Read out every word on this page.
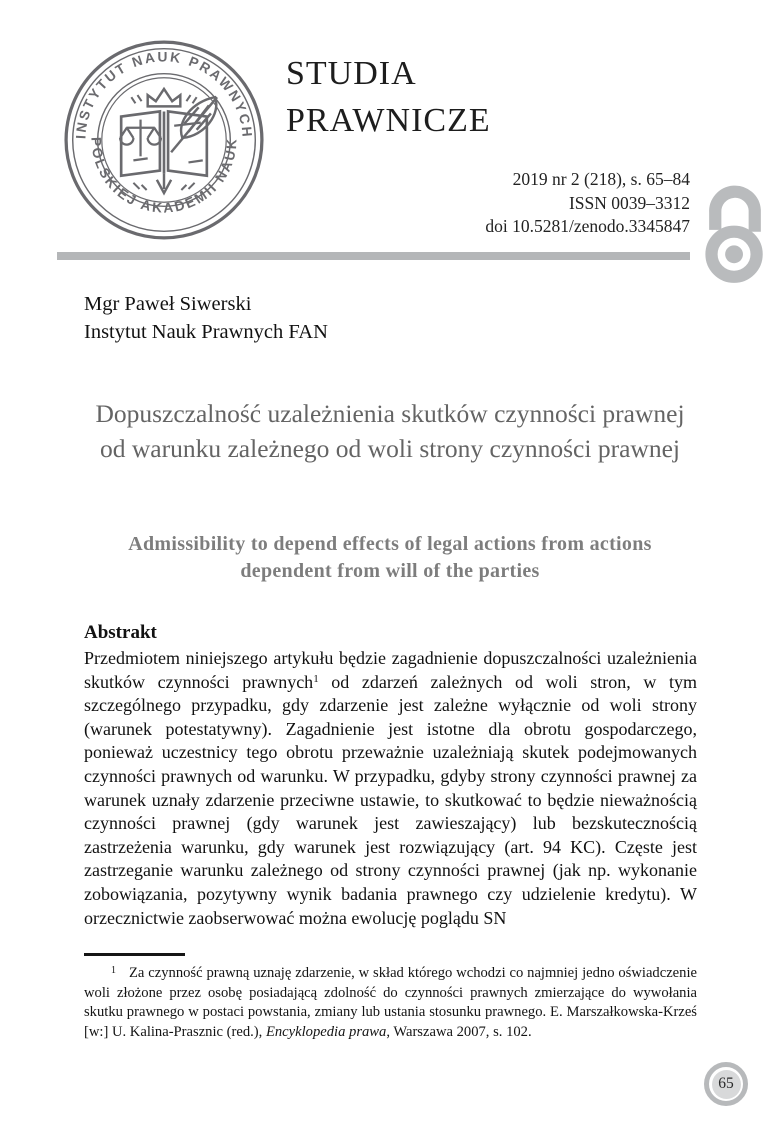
INSTYTUT NAUK PRAWNYCH
POLSKIEJ AKADEMII NAUK
STUDIA
PRAWNICZE
2019 nr 2 (218), s. 65–84
ISSN 0039–3312
doi 10.5281/zenodo.3345847
Mgr Paweł Siwerski
Instytut Nauk Prawnych FAN
Dopuszczalność uzależnienia skutków czynności prawnej od warunku zależnego od woli strony czynności prawnej
Admissibility to depend effects of legal actions from actions dependent from will of the parties
Abstrakt

Przedmiotem niniejszego artykułu będzie zagadnienie dopuszczalności uzależnienia skutków czynności prawnych$^1$ od zdarzeń zależnych od woli stron, w tym szczególnego przypadku, gdy zdarzenie jest zależne wyłącznie od woli strony (warunek potestatywny). Zagadnienie jest istotne dla obrotu gospodarczego, ponieważ uczestnicy tego obrotu przeważnie uzależniają skutek podejmowanych czynności prawnych od warunku. W przypadku, gdyby strony czynności prawnej za warunek uznały zdarzenie przeciwne ustawie, to skutkować to będzie nieważnością czynności prawnej (gdy warunek jest zawieszający) lub bezskutecznością zastrzeżenia warunku, gdy warunek jest rozwiązujący (art. 94 KC). Częste jest zastrzeganie warunku zależnego od strony czynności prawnej (jak np. wykonanie zobowiązania, pozytywny wynik badania prawnego czy udzielenie kredytu). W orzecznictwie zaobserwować można ewolucję poglądu SN

$^1$ Za czynność prawną uznaję zdarzenie, w skład którego wchodzi co najmniej jedno oświadczenie woli złożone przez osobę posiadającą zdolność do czynności prawnych zmierzające do wywołania skutku prawnego w postaci powstania, zmiany lub ustania stosunku prawnego. E. Marszałkowska-Krześ [w:] U. Kalina-Prasznic (red.), Encyklopedia prawa, Warszawa 2007, s. 102.

65
